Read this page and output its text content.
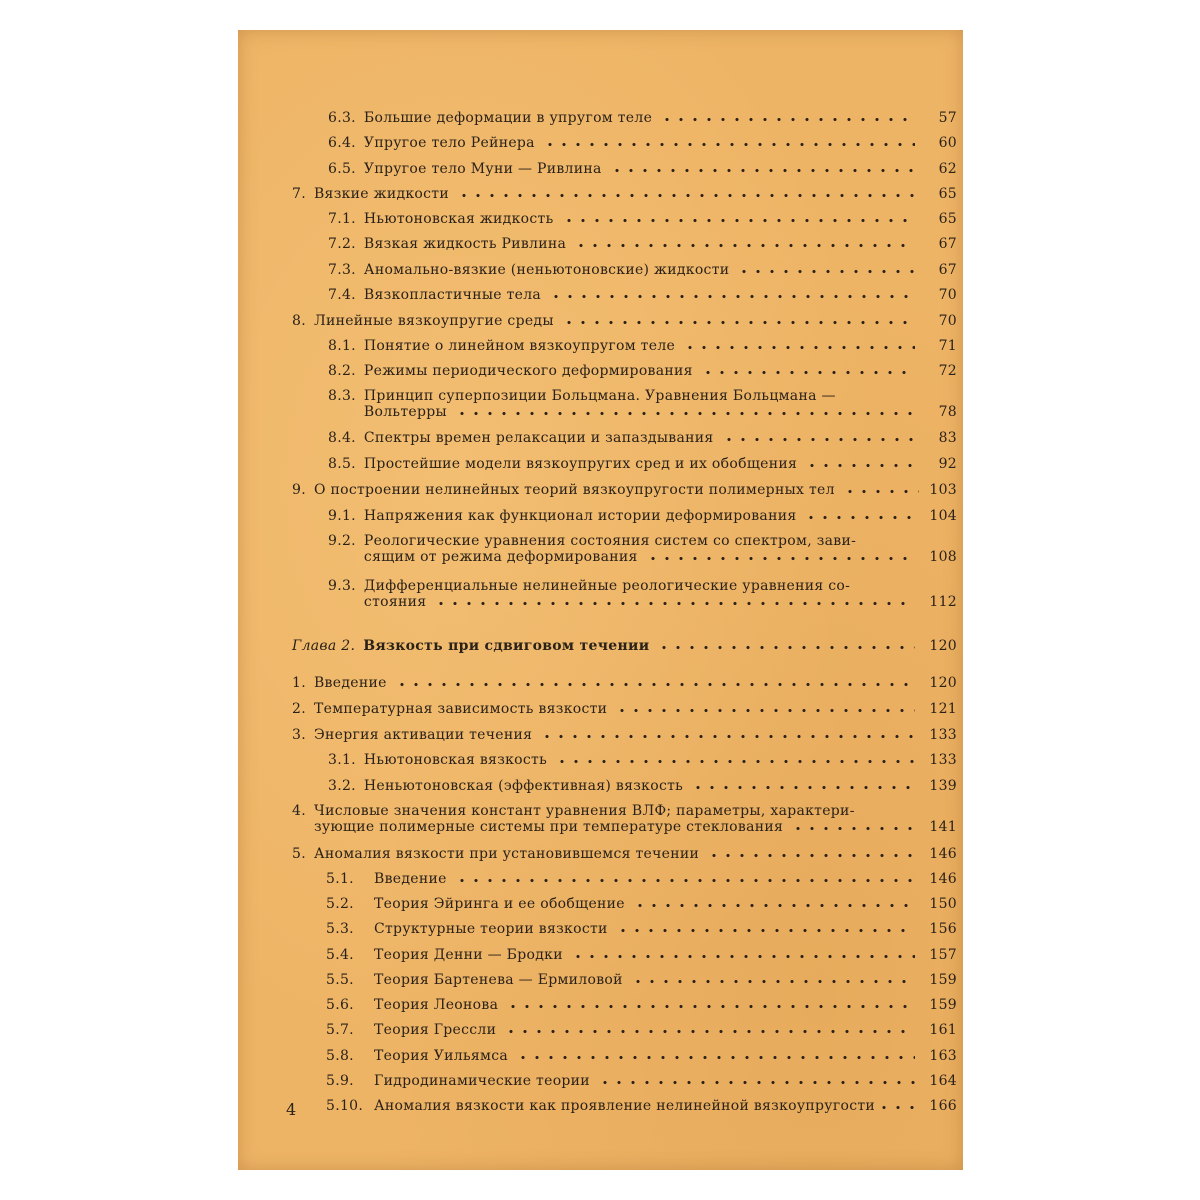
6.3. Большие деформации в упругом теле	57
6.4. Упругое тело Рейнера	60
6.5. Упругое тело Муни — Ривлина	62
7. Вязкие жидкости	65
7.1. Ньютоновская жидкость	65
7.2. Вязкая жидкость Ривлина	67
7.3. Аномально-вязкие (неньютоновские) жидкости	67
7.4. Вязкопластичные тела	70
8. Линейные вязкоупругие среды	70
8.1. Понятие о линейном вязкоупругом теле	71
8.2. Режимы периодического деформирования	72
8.3. Принцип суперпозиции Больцмана. Уравнения Больцмана —

Вольтерры	78
8.4. Спектры времен релаксации и запаздывания	83
8.5. Простейшие модели вязкоупругих сред и их обобщения	92
9. О построении нелинейных теорий вязкоупругости полимерных тел	103
9.1. Напряжения как функционал истории деформирования	104
9.2. Реологические уравнения состояния систем со спектром, зави-

сящим от режима деформирования	108
9.3. Дифференциальные нелинейные реологические уравнения со-

стояния	112
Глава 2. Вязкость при сдвиговом течении	120
1. Введение	120
2. Температурная зависимость вязкости	121
3. Энергия активации течения	133
3.1. Ньютоновская вязкость	133
3.2. Неньютоновская (эффективная) вязкость	139
4. Числовые значения констант уравнения ВЛФ; параметры, характери-

зующие полимерные системы при температуре стеклования	141
5. Аномалия вязкости при установившемся течении	146
5.1.	Введение	146
5.2.	Теория Эйринга и ее обобщение	150
5.3.	Структурные теории вязкости	156
5.4.	Теория Денни — Бродки	157
5.5.	Теория Бартенева — Ермиловой	159
5.6.	Теория Леонова	159
5.7.	Теория Грессли	161
5.8.	Теория Уильямса	163
5.9.	Гидродинамические теории	164
5.10. Аномалия вязкости как проявление нелинейной вязкоупругости	166
4
